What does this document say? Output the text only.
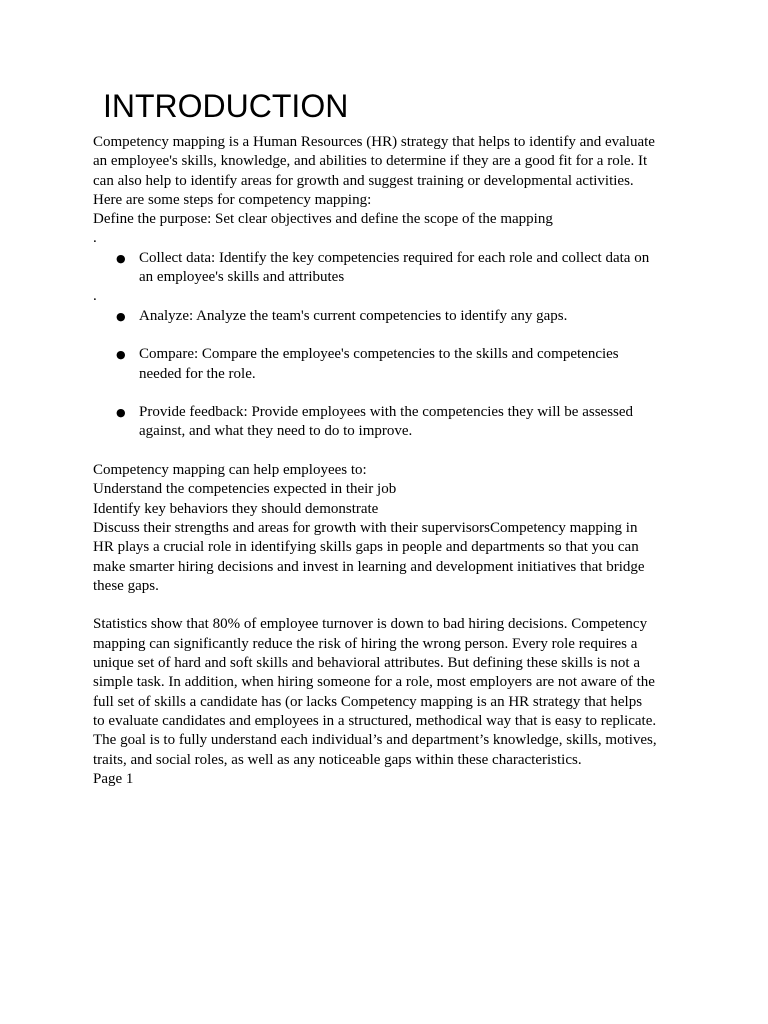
INTRODUCTION
Competency mapping is a Human Resources (HR) strategy that helps to identify and evaluate
an employee's skills, knowledge, and abilities to determine if they are a good fit for a role. It
can also help to identify areas for growth and suggest training or developmental activities.
Here are some steps for competency mapping:
Define the purpose: Set clear objectives and define the scope of the mapping
.
● Collect data: Identify the key competencies required for each role and collect data on
an employee's skills and attributes
.
● Analyze: Analyze the team's current competencies to identify any gaps.
● Compare: Compare the employee's competencies to the skills and competencies
needed for the role.
● Provide feedback: Provide employees with the competencies they will be assessed
against, and what they need to do to improve.
Competency mapping can help employees to:
Understand the competencies expected in their job
Identify key behaviors they should demonstrate
Discuss their strengths and areas for growth with their supervisorsCompetency mapping in
HR plays a crucial role in identifying skills gaps in people and departments so that you can
make smarter hiring decisions and invest in learning and development initiatives that bridge
these gaps.
Statistics show that 80% of employee turnover is down to bad hiring decisions. Competency
mapping can significantly reduce the risk of hiring the wrong person. Every role requires a
unique set of hard and soft skills and behavioral attributes. But defining these skills is not a
simple task. In addition, when hiring someone for a role, most employers are not aware of the
full set of skills a candidate has (or lacks Competency mapping is an HR strategy that helps
to evaluate candidates and employees in a structured, methodical way that is easy to replicate.
The goal is to fully understand each individual’s and department’s knowledge, skills, motives,
traits, and social roles, as well as any noticeable gaps within these characteristics.
Page 1
